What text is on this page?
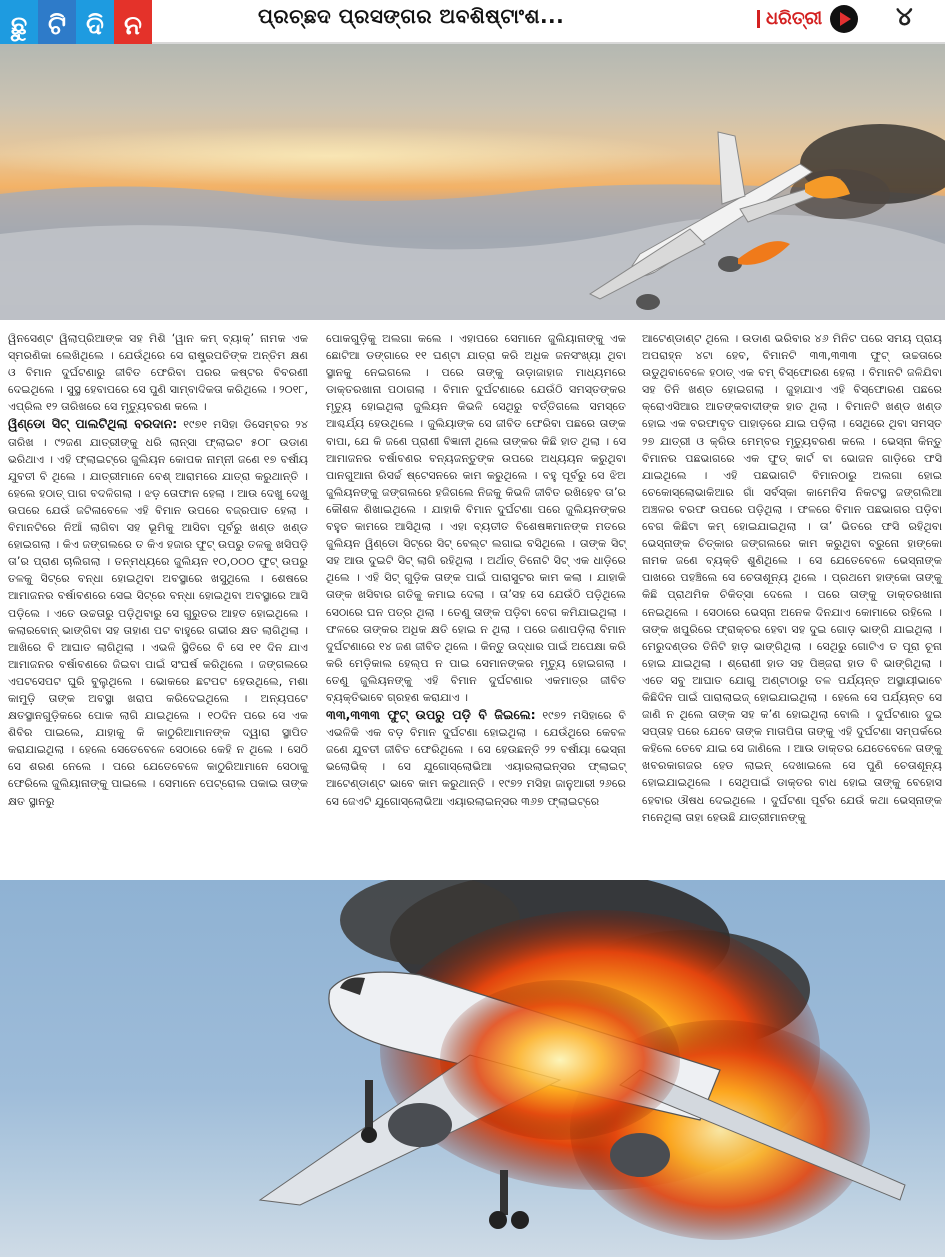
ଛୁ ଟି ଦି ନ	ପ୍ରଚ୍ଛଦ ପ୍ରସଙ୍ଗର ଅବଶିଷ୍ଟାଂଶ...	ଧରିତ୍ରୀ	୪

ୱିନସେଣ୍ଟ ୱିଲାପ୍ରିଆଙ୍କ ସହ ମିଶି ‘ୱାନ କମ୍ ବ୍ୟାକ୍’ ନାମକ ଏକ ସ୍ମରଣିକା ଲେଖିଥିଲେ । ଯେଉଁଥିରେ ସେ ରାଷ୍ଟ୍ରପତିଙ୍କ ଅନ୍ତିମ କ୍ଷଣ ଓ ବିମାନ ଦୁର୍ଘଟଣାରୁ ଜୀବିତ ଫେରିବା ପରର କଷ୍ଟର ବିବରଣୀ ଦେଇଥିଲେ । ସୁସ୍ଥ ହେବାପରେ ସେ ପୁଣି ସାମ୍ବାଦିକତା କରିଥିଲେ । ୨୦୧୮, ଏପ୍ରିଲ ୧୨ ତାରିଖରେ ସେ ମୃତ୍ୟୁବରଣ କଲେ ।

ୱିଣ୍ଡୋ ସିଟ୍ ପାଲଟିଥିଲା ବରଦାନ: ୧୯୭୧ ମସିହା ଡିସେମ୍ବର ୨୪ ତାରିଖ । ୯୨ଜଣ ଯାତ୍ରୀଙ୍କୁ ଧରି ଲାନ୍ସା ଫ୍ଲାଇଟ ୫୦୮ ଉଡାଣ ଭରିଥାଏ । ଏହି ଫ୍ଲାଇଟ୍‌ରେ ଜୁଲିୟନ କୋପକ ନାମ୍ନୀ ଜଣେ ୧୭ ବର୍ଷୀୟ ଯୁବତୀ ବି ଥିଲେ । ଯାତ୍ରୀମାନେ ବେଶ୍ ଆରାମରେ ଯାତ୍ରା କରୁଥାନ୍ତି । ହେଲେ ହଠାତ୍ ପାଗ ବଦଳିଗଲା । ଝଡ଼ ତୋଫାନ ହେଲା । ଆଉ ଦେଖୁ ଦେଖୁ ଉପରେ ଯେଉଁ ଜଟିଳାବେଳେ ଏହି ବିମାନ ଉପରେ ବଜ୍ରପାତ ହେଲା । ବିମାନଟିରେ ନିଆଁ ଲାଗିବା ସହ ଭୂମିକୁ ଆସିବା ପୂର୍ବରୁ ଖଣ୍ଡ ଖଣ୍ଡ ହୋଇଗଲା । କିଏ ଜଙ୍ଗଲରେ ତ କିଏ ହଜାର ଫୁଟ୍ ଉପରୁ ତଳକୁ ଖସିପଡ଼ି ତା’ର ପ୍ରାଣ ଚାଲିଗଲା । ତନ୍ମଧ୍ୟରେ ଜୁଲିୟନ ୧୦,୦୦୦ ଫୁଟ୍ ଉପରୁ ତଳକୁ ସିଟ୍‌ରେ ବନ୍ଧା ହୋଇଥିବା ଅବସ୍ଥାରେ ଖସୁଥିଲେ । ଶେଷରେ ଆମାଜନର ବର୍ଷାବଣରେ ସେଇ ସିଟ୍‌ରେ ବନ୍ଧା ହୋଇଥିବା ଅବସ୍ଥାରେ ଆସି ପଡ଼ିଲେ । ଏତେ ଉଚ୍ଚତାରୁ ପଡ଼ିଥିବାରୁ ସେ ଗୁରୁତର ଆହତ ହୋଇଥିଲେ । କଲାରବୋନ୍ ଭାଙ୍ଗିବା ସହ ତାହାଣ ପଟ ବାହୁରେ ଗଭୀର କ୍ଷତ ଲାଗିଥିଲା । ଆଖିରେ ବି ଆଘାତ ଲାଗିଥିଲା । ଏଭଳି ସ୍ଥିତିରେ ବି ସେ ୧୧ ଦିନ ଯାଏ ଆମାଜନର ବର୍ଷାବଣରେ ଜିଇବା ପାଇଁ ସଂଘର୍ଷ କରିଥିଲେ । ଜଙ୍ଗଲରେ ଏପଟସେପଟ ଘୁରି ବୁଲୁଥିଲେ । ଭୋକରେ ଛଟପଟ ହେଉଥିଲେ, ମଶା କାମୁଡ଼ି ତାଙ୍କ ଅବସ୍ଥା ଖରାପ କରିଦେଇଥିଲେ । ଅନ୍ୟପଟେ କ୍ଷତସ୍ଥାନଗୁଡ଼ିକରେ ପୋକ ଲାଗି ଯାଇଥିଲେ । ୧୦ଦିନ ପରେ ସେ ଏକ ଶିବିର ପାଇଲେ, ଯାହାକୁ କି କାଠୁରିଆମାନଙ୍କ ଦ୍ୱାରା ସ୍ଥାପିତ କରାଯାଇଥିଲା । ହେଲେ ସେତେବେଳେ ସେଠାରେ କେହି ନ ଥିଲେ । ସେଠି ସେ ଶରଣ ନେଲେ । ପରେ ଯେତେବେଳେ କାଠୁରିଆମାନେ ସେଠାକୁ ଫେରିଲେ ଜୁଲିୟାନାଙ୍କୁ ପାଇଲେ । ସେମାନେ ପେଟ୍ରୋଲ ପକାଇ ତାଙ୍କ କ୍ଷତ ସ୍ଥାନରୁ

ପୋକଗୁଡ଼ିକୁ ଅଲଗା କଲେ । ଏହାପରେ ସେମାନେ ଜୁଲିୟାନାଙ୍କୁ ଏକ ଛୋଟିଆ ଡଙ୍ଗାରେ ୧୧ ଘଣ୍ଟା ଯାତ୍ରା କରି ଅଧିକ ଜନସଂଖ୍ୟା ଥିବା ସ୍ଥାନକୁ ନେଇଗଲେ । ପରେ ତାଙ୍କୁ ଉଡ଼ାଜାହାଜ ମାଧ୍ୟମରେ ଡାକ୍ତରଖାନା ପଠାଗଲା । ବିମାନ ଦୁର୍ଘଟଣାରେ ଯେଉଁଠି ସମସ୍ତଙ୍କର ମୃତ୍ୟୁ ହୋଇଥିଲା ଜୁଲିୟନ କିଭଳି ସେଥିରୁ ବର୍ତ୍ତିଗଲେ ସମସ୍ତେ ଆଶ୍ଚର୍ଯ୍ୟ ହେଉଥିଲେ । ଜୁଲିୟାଙ୍କ ସେ ଜୀବିତ ଫେରିବା ପଛରେ ତାଙ୍କ ବାପା, ଯେ କି ଜଣେ ପ୍ରାଣୀ ବିଜ୍ଞାନୀ ଥିଲେ ତାଙ୍କର କିଛି ହାତ ଥିଲା । ସେ ଆମାଜନର ବର୍ଷାବଣର ବନ୍ୟଜନ୍ତୁଙ୍କ ଉପରେ ଅଧ୍ୟୟନ କରୁଥିବା ପାନଗୁଆନା ରିସର୍ଚ୍ଚ ଷ୍ଟେସନରେ କାମ କରୁଥିଲେ । ବହୁ ପୂର୍ବରୁ ସେ ଝିଅ ଜୁଲିୟନଙ୍କୁ ଜଙ୍ଗଲରେ ହଜିଗଲେ ନିଜକୁ କିଭଳି ଜୀବିତ ରଖିହେବ ତା’ର କୌଶଳ ଶିଖାଇଥିଲେ । ଯାହାକି ବିମାନ ଦୁର୍ଘଟଣା ପରେ ଜୁଲିୟନଙ୍କର ବହୁତ କାମରେ ଆସିଥିଲା । ଏହା ବ୍ୟତୀତ ବିଶେଷଜ୍ଞମାନଙ୍କ ମତରେ ଜୁଲିୟନ ୱିଣ୍ଡୋ ସିଟ୍‌ରେ ସିଟ୍ ବେଲ୍ଟ ଲଗାଇ ବସିଥିଲେ । ତାଙ୍କ ସିଟ୍ ସହ ଆଉ ଦୁଇଟି ସିଟ୍ ଲାଗି ରହିଥିଲା । ଅର୍ଥାତ୍ ତିନୋଟି ସିଟ୍ ଏକ ଧାଡ଼ିରେ ଥିଲେ । ଏହି ସିଟ୍ ଗୁଡ଼ିକ ତାଙ୍କ ପାଇଁ ପାରାସୁଟର କାମ କଲା । ଯାହାକି ତାଙ୍କ ଖସିବାର ଗତିକୁ କମାଇ ଦେଲା । ତା’ସହ ସେ ଯେଉଁଠି ପଡ଼ିଥିଲେ ସେଠାରେ ଘନ ପତ୍ର ଥିଲା । ତେଣୁ ତାଙ୍କ ପଡ଼ିବା ବେଗ କମିଯାଇଥିଲା । ଫଳରେ ତାଙ୍କର ଅଧିକ କ୍ଷତି ହୋଇ ନ ଥିଲା । ପରେ ଜଣାପଡ଼ିଲା ବିମାନ ଦୁର୍ଘଟଣାରେ ୧୪ ଜଣ ଜୀବିତ ଥିଲେ । କିନ୍ତୁ ଉଦ୍ଧାର ପାଇଁ ଅପେକ୍ଷା କରି କରି ମେଡ଼ିକାଲ ହେଲ୍ପ ନ ପାଇ ସେମାନଙ୍କର ମୃତ୍ୟୁ ହୋଇଗଲା । ତେଣୁ ଜୁଲିୟନଙ୍କୁ ଏହି ବିମାନ ଦୁର୍ଘଟଣାର ଏକମାତ୍ର ଜୀବିତ ବ୍ୟକ୍ତିଭାବେ ଗ୍ରହଣ କରାଯାଏ ।

୩୩,୩୩୩ ଫୁଟ୍ ଉପରୁ ପଡ଼ି ବି ଜିଇଲେ: ୧୯୭୨ ମସିହାରେ ବି ଏଭଳିକି ଏକ ବଡ଼ ବିମାନ ଦୁର୍ଘଟଣା ହୋଇଥିଲା । ଯେଉଁଥିରେ କେବଳ ଜଣେ ଯୁବତୀ ଜୀବିତ ଫେରିଥିଲେ । ସେ ହେଉଛନ୍ତି ୨୨ ବର୍ଷୀୟା ଭେସ୍ନା ଭଲୋଭିକ୍ । ସେ ଯୁଗୋସ୍ଲୋଭିଆ ଏୟାରଲାଇନ୍ସର ଫ୍ଲାଇଟ୍ ଆଟେଣ୍ଡାଣ୍ଟ ଭାବେ କାମ କରୁଥାନ୍ତି । ୧୯୭୨ ମସିହା ଜାନୁଆରୀ ୨୬ରେ ସେ ଜେଏଟି ଯୁଗୋସ୍ଲୋଭିଆ ଏୟାରଲାଇନ୍ସର ୩୬୭ ଫ୍ଲାଇଟ୍‌ରେ

ଆଟେଣ୍ଡାଣ୍ଟ ଥିଲେ । ଉଡାଣ ଭରିବାର ୪୬ ମିନିଟ ପରେ ସମୟ ପ୍ରାୟ ଅପରାହ୍ନ ୪ଟା ହେବ, ବିମାନଟି ୩୩,୩୩୩ ଫୁଟ୍ ଉଚ୍ଚତାରେ ଉଡୁଥିବାବେଳେ ହଠାତ୍ ଏକ ବମ୍ ବିସ୍ଫୋରଣ ହେଲା । ବିମାନଟି ଜଳିଯିବା ସହ ତିନି ଖଣ୍ଡ ହୋଇଗଲା । ଜୁହାଯାଏ ଏହି ବିସ୍ଫୋରଣ ପଛରେ କ୍ରୋଏସିଆର ଆତଙ୍କବାଦୀଙ୍କ ହାତ ଥିଲା । ବିମାନଟି ଖଣ୍ଡ ଖଣ୍ଡ ହୋଇ ଏକ ବରଫାବୃତ ପାହାଡ଼ରେ ଯାଇ ପଡ଼ିଲା । ସେଥିରେ ଥିବା ସମସ୍ତ ୨୭ ଯାତ୍ରୀ ଓ କ୍ରିଉ ମେମ୍ବର ମୃତ୍ୟୁବରଣ କଲେ । ଭେସ୍ନା କିନ୍ତୁ ବିମାନର ପଛଭାଗରେ ଏକ ଫୁଡ୍ କାର୍ଟ ବା ଭୋଜନ ଗାଡ଼ିରେ ଫସି ଯାଇଥିଲେ । ଏହି ପଛଭାଗଟି ବିମାନଠାରୁ ଅଲଗା ହୋଇ ଚେକୋସ୍ଲୋଭାକିଆର ଗାଁ ସର୍ବସ୍କା କାମେନିସ ନିକଟସ୍ଥ ଜଙ୍ଗଲିଆ ଅଞ୍ଚଳର ବରଫ ଉପରେ ପଡ଼ିଥିଲା । ଫଳରେ ବିମାନ ପଛଭାଗର ପଡ଼ିବା ବେଗ କିଛିଟା କମ୍ ହୋଇଯାଇଥିଲା । ତା’ ଭିତରେ ଫସି ରହିଥିବା ଭେସ୍ନାଙ୍କ ଚିତ୍କାର ଜଙ୍ଗଲରେ କାମ କରୁଥିବା ବ୍ରୁନୋ ହାଙ୍କୋ ନାମକ ଜଣେ ବ୍ୟକ୍ତି ଶୁଣିଥିଲେ । ସେ ଯେତେବେଳେ ଭେସ୍ନାଙ୍କ ପାଖରେ ପହଞ୍ଚିଲେ ସେ ଚେତାଶୂନ୍ୟ ଥିଲେ । ପ୍ରଥମେ ହାଙ୍କୋ ତାଙ୍କୁ କିଛି ପ୍ରାଥମିକ ଚିକିତ୍ସା ଦେଲେ । ପରେ ତାଙ୍କୁ ଡାକ୍ତରଖାନା ନେଇଥିଲେ । ସେଠାରେ ଭେସ୍ନା ଅନେକ ଦିନଯାଏ କୋମାରେ ରହିଲେ । ତାଙ୍କ ଖପୁରିରେ ଫ୍ରାକ୍ଚର ହେବା ସହ ଦୁଇ ଗୋଡ଼ ଭାଙ୍ଗି ଯାଇଥିଲା । ମେରୁଦଣ୍ଡର ତିନିଟି ହାଡ଼ ଭାଙ୍ଗିଥିଲା । ସେଥିରୁ ଗୋଟିଏ ତ ପୂରା ଚୂନା ହୋଇ ଯାଇଥିଲା । ଶ୍ରୋଣୀ ହାଡ ସହ ପିଞ୍ଜରା ହାଡ ବି ଭାଙ୍ଗିଥିଲା । ଏତେ ସବୁ ଆଘାତ ଯୋଗୁ ଅଣ୍ଟାଠାରୁ ତଳ ପର୍ଯ୍ୟନ୍ତ ଅସ୍ଥାୟୀଭାବେ କିଛିଦିନ ପାଇଁ ପାରାଲାଇଜ୍ ହୋଇଯାଇଥିଲା । ହେଲେ ସେ ପର୍ଯ୍ୟନ୍ତ ସେ ଜାଣି ନ ଥିଲେ ତାଙ୍କ ସହ କ’ଣ ହୋଇଥିଲା ବୋଲି । ଦୁର୍ଘଟଣାର ଦୁଇ ସପ୍ତାହ ପରେ ଯେବେ ତାଙ୍କ ମାତାପିତା ତାଙ୍କୁ ଏହି ଦୁର୍ଘଟଣା ସମ୍ପର୍କରେ କହିଲେ ତେବେ ଯାଇ ସେ ଜାଣିଲେ । ଆଉ ଡାକ୍ତର ଯେତେବେଳେ ତାଙ୍କୁ ଖବରକାଗଜର ହେଡ ଲାଇନ୍ ଦେଖାଇଲେ ସେ ପୁଣି ଚେତାଶୂନ୍ୟ ହୋଇଯାଇଥିଲେ । ସେଥିପାଇଁ ଡାକ୍ତର ବାଧ ହୋଇ ତାଙ୍କୁ ବେହୋସ ହେବାର ଔଷଧ ଦେଇଥିଲେ । ଦୁର୍ଘଟଣା ପୂର୍ବର ଯେଉଁ କଥା ଭେସ୍ନାଙ୍କ ମନେଥିଲା ତାହା ହେଉଛି ଯାତ୍ରୀମାନଙ୍କୁ
